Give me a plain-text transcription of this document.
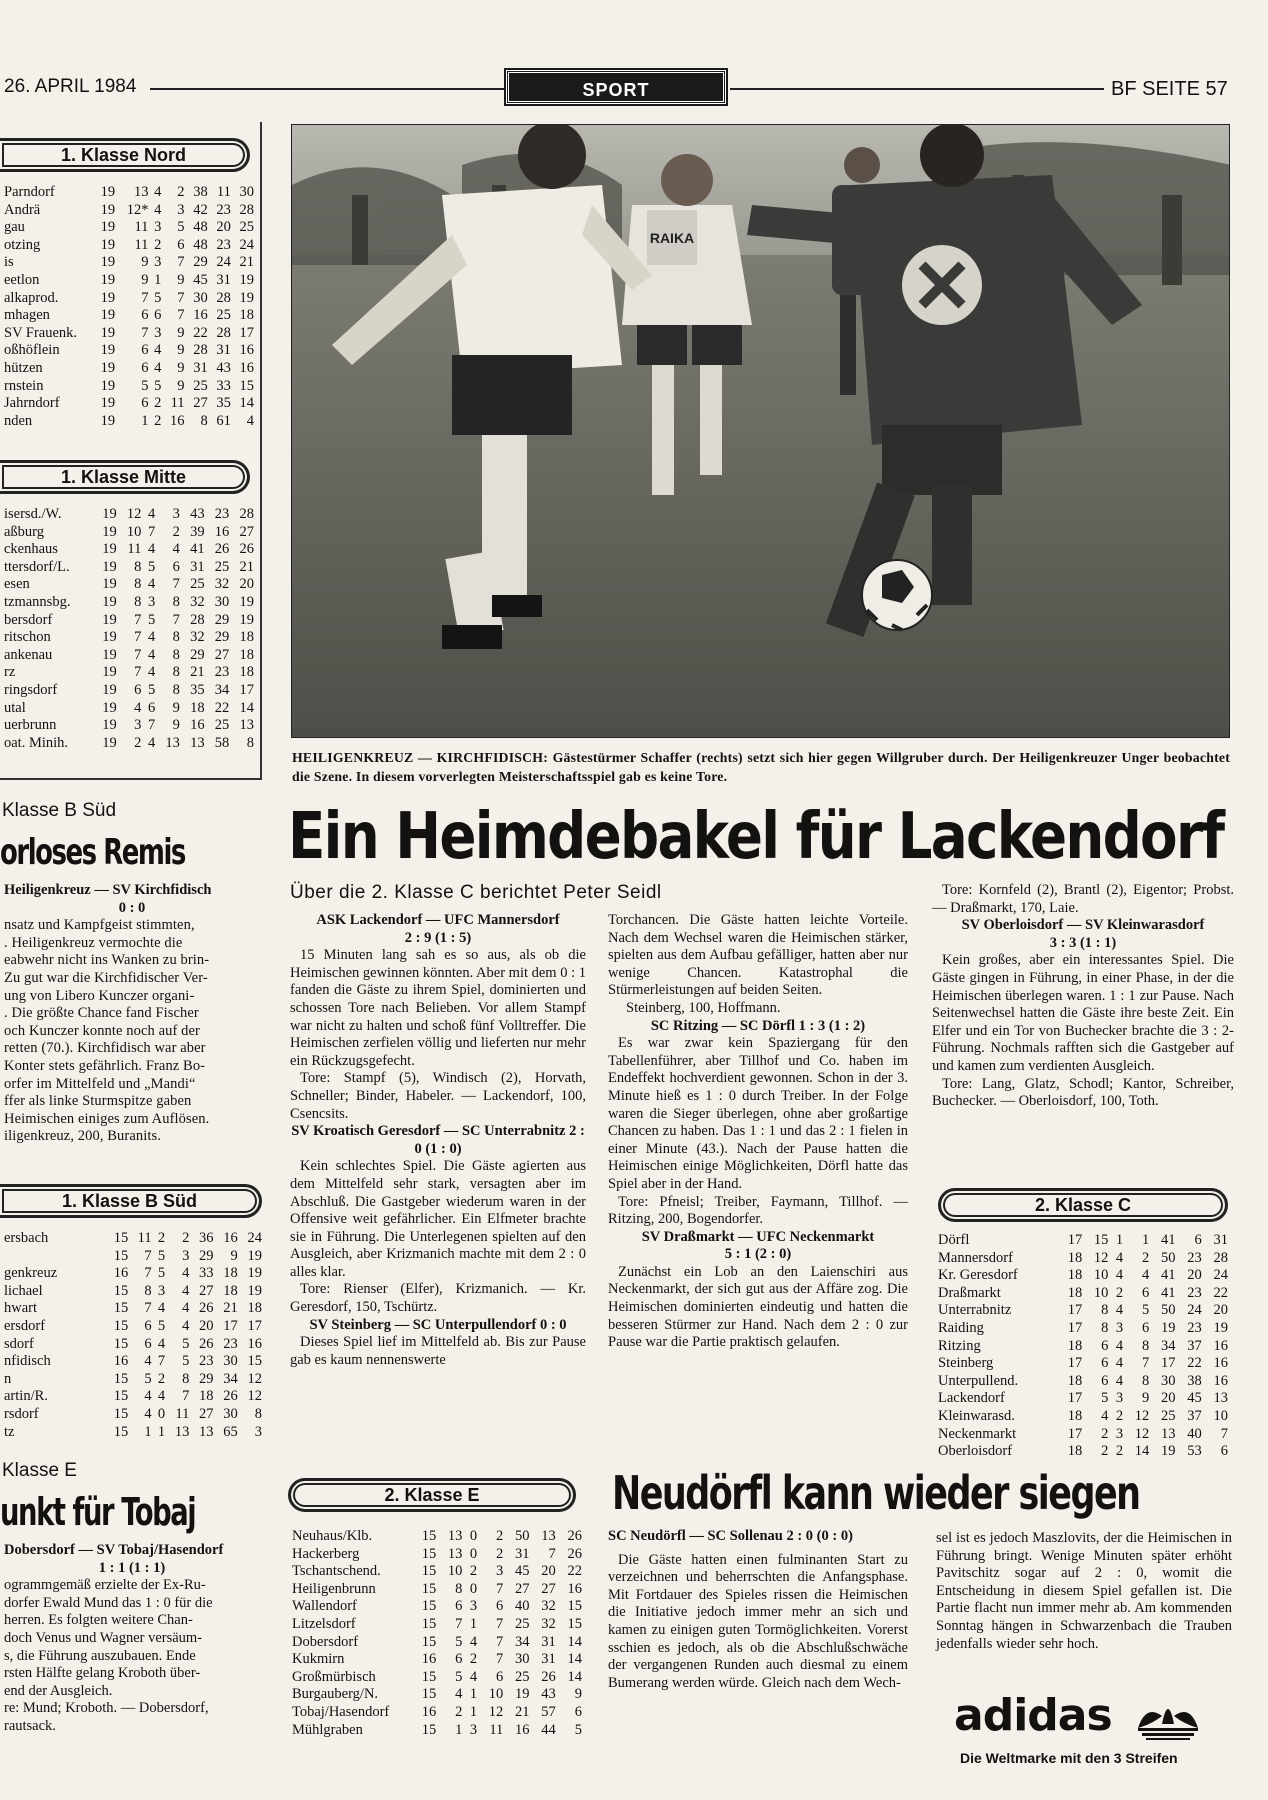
26. APRIL 1984	SPORT	BF SEITE 57
1. Klasse Nord
Parndorf	19	13	4	2	38	11	30
Andrä	19	12*	4	3	42	23	28
gau	19	11	3	5	48	20	25
otzing	19	11	2	6	48	23	24
is	19	9	3	7	29	24	21
eetlon	19	9	1	9	45	31	19
alkaprod.	19	7	5	7	30	28	19
mhagen	19	6	6	7	16	25	18
SV Frauenk.	19	7	3	9	22	28	17
oßhöflein	19	6	4	9	28	31	16
hützen	19	6	4	9	31	43	16
rnstein	19	5	5	9	25	33	15
Jahrndorf	19	6	2	11	27	35	14
nden	19	1	2	16	8	61	4
1. Klasse Mitte
isersd./W.	19	12	4	3	43	23	28
aßburg	19	10	7	2	39	16	27
ckenhaus	19	11	4	4	41	26	26
ttersdorf/L.	19	8	5	6	31	25	21
esen	19	8	4	7	25	32	20
tzmannsbg.	19	8	3	8	32	30	19
bersdorf	19	7	5	7	28	29	19
ritschon	19	7	4	8	32	29	18
ankenau	19	7	4	8	29	27	18
rz	19	7	4	8	21	23	18
ringsdorf	19	6	5	8	35	34	17
utal	19	4	6	9	18	22	14
uerbrunn	19	3	7	9	16	25	13
oat. Minih.	19	2	4	13	13	58	8
Klasse B Süd
orloses Remis

Heiligenkreuz — SV Kirchfidisch

0 : 0

nsatz und Kampfgeist stimmten,
. Heiligenkreuz vermochte die
eabwehr nicht ins Wanken zu brin-
Zu gut war die Kirchfidischer Ver-
ung von Libero Kunczer organi-
. Die größte Chance fand Fischer
och Kunczer konnte noch auf der
retten (70.). Kirchfidisch war aber
Konter stets gefährlich. Franz Bo-
orfer im Mittelfeld und „Mandi“
ffer als linke Sturmspitze gaben
Heimischen einiges zum Auflösen.
iligenkreuz, 200, Buranits.
1. Klasse B Süd
ersbach	15	11	2	2	36	16	24
	15	7	5	3	29	9	19
genkreuz	16	7	5	4	33	18	19
lichael	15	8	3	4	27	18	19
hwart	15	7	4	4	26	21	18
ersdorf	15	6	5	4	20	17	17
sdorf	15	6	4	5	26	23	16
nfidisch	16	4	7	5	23	30	15
n	15	5	2	8	29	34	12
artin/R.	15	4	4	7	18	26	12
rsdorf	15	4	0	11	27	30	8
tz	15	1	1	13	13	65	3
Klasse E
unkt für Tobaj

Dobersdorf — SV Tobaj/Hasendorf

1 : 1 (1 : 1)

ogrammgemäß erzielte der Ex-Ru-
dorfer Ewald Mund das 1 : 0 für die
herren. Es folgten weitere Chan-
doch Venus und Wagner versäum-
s, die Führung auszubauen. Ende
rsten Hälfte gelang Kroboth über-
end der Ausgleich.
re: Mund; Kroboth. — Dobersdorf,
rautsack.
RAIKA
HEILIGENKREUZ — KIRCHFIDISCH: Gästestürmer Schaffer (rechts) setzt sich hier gegen Willgruber durch. Der Heiligenkreuzer Unger beobachtet die Szene. In diesem vorverlegten Meisterschaftsspiel gab es keine Tore.
Ein Heimdebakel für Lackendorf
Über die 2. Klasse C berichtet Peter Seidl

ASK Lackendorf — UFC Mannersdorf

2 : 9 (1 : 5)

15 Minuten lang sah es so aus, als ob die Heimischen gewinnen könnten. Aber mit dem 0 : 1 fanden die Gäste zu ihrem Spiel, dominierten und schossen Tore nach Belieben. Vor allem Stampf war nicht zu halten und schoß fünf Volltreffer. Die Heimischen zerfielen völlig und lieferten nur mehr ein Rückzugsgefecht.

Tore: Stampf (5), Windisch (2), Horvath, Schneller; Binder, Habeler. — Lackendorf, 100, Csencsits.

SV Kroatisch Geresdorf — SC Unterrabnitz 2 : 0 (1 : 0)

Kein schlechtes Spiel. Die Gäste agierten aus dem Mittelfeld sehr stark, versagten aber im Abschluß. Die Gastgeber wiederum waren in der Offensive weit gefährlicher. Ein Elfmeter brachte sie in Führung. Die Unterlegenen spielten auf den Ausgleich, aber Krizmanich machte mit dem 2 : 0 alles klar.

Tore: Rienser (Elfer), Krizmanich. — Kr. Geresdorf, 150, Tschürtz.

SV Steinberg — SC Unterpullendorf 0 : 0

Dieses Spiel lief im Mittelfeld ab. Bis zur Pause gab es kaum nennenswerte

Torchancen. Die Gäste hatten leichte Vorteile. Nach dem Wechsel waren die Heimischen stärker, spielten aus dem Aufbau gefälliger, hatten aber nur wenige Chancen. Katastrophal die Stürmerleistungen auf beiden Seiten.

Steinberg, 100, Hoffmann.

SC Ritzing — SC Dörfl 1 : 3 (1 : 2)

Es war zwar kein Spaziergang für den Tabellenführer, aber Tillhof und Co. haben im Endeffekt hochverdient gewonnen. Schon in der 3. Minute hieß es 1 : 0 durch Treiber. In der Folge waren die Sieger überlegen, ohne aber großartige Chancen zu haben. Das 1 : 1 und das 2 : 1 fielen in einer Minute (43.). Nach der Pause hatten die Heimischen einige Möglichkeiten, Dörfl hatte das Spiel aber in der Hand.

Tore: Pfneisl; Treiber, Faymann, Tillhof. — Ritzing, 200, Bogendorfer.

SV Draßmarkt — UFC Neckenmarkt

5 : 1 (2 : 0)

Zunächst ein Lob an den Laienschiri aus Neckenmarkt, der sich gut aus der Affäre zog. Die Heimischen dominierten eindeutig und hatten die besseren Stürmer zur Hand. Nach dem 2 : 0 zur Pause war die Partie praktisch gelaufen.

Tore: Kornfeld (2), Brantl (2), Eigentor; Probst. — Draßmarkt, 170, Laie.

SV Oberloisdorf — SV Kleinwarasdorf

3 : 3 (1 : 1)

Kein großes, aber ein interessantes Spiel. Die Gäste gingen in Führung, in einer Phase, in der die Heimischen überlegen waren. 1 : 1 zur Pause. Nach Seitenwechsel hatten die Gäste ihre beste Zeit. Ein Elfer und ein Tor von Buchecker brachte die 3 : 2-Führung. Nochmals rafften sich die Gastgeber auf und kamen zum verdienten Ausgleich.

Tore: Lang, Glatz, Schodl; Kantor, Schreiber, Buchecker. — Oberloisdorf, 100, Toth.

2. Klasse C
Dörfl	17	15	1	1	41	6	31
Mannersdorf	18	12	4	2	50	23	28
Kr. Geresdorf	18	10	4	4	41	20	24
Draßmarkt	18	10	2	6	41	23	22
Unterrabnitz	17	8	4	5	50	24	20
Raiding	17	8	3	6	19	23	19
Ritzing	18	6	4	8	34	37	16
Steinberg	17	6	4	7	17	22	16
Unterpullend.	18	6	4	8	30	38	16
Lackendorf	17	5	3	9	20	45	13
Kleinwarasd.	18	4	2	12	25	37	10
Neckenmarkt	17	2	3	12	13	40	7
Oberloisdorf	18	2	2	14	19	53	6
2. Klasse E
Neuhaus/Klb.	15	13	0	2	50	13	26
Hackerberg	15	13	0	2	31	7	26
Tschantschend.	15	10	2	3	45	20	22
Heiligenbrunn	15	8	0	7	27	27	16
Wallendorf	15	6	3	6	40	32	15
Litzelsdorf	15	7	1	7	25	32	15
Dobersdorf	15	5	4	7	34	31	14
Kukmirn	16	6	2	7	30	31	14
Großmürbisch	15	5	4	6	25	26	14
Burgauberg/N.	15	4	1	10	19	43	9
Tobaj/Hasendorf	16	2	1	12	21	57	6
Mühlgraben	15	1	3	11	16	44	5
Neudörfl kann wieder siegen

SC Neudörfl — SC Sollenau 2 : 0 (0 : 0)

Die Gäste hatten einen fulminanten Start zu verzeichnen und beherrschten die Anfangsphase. Mit Fortdauer des Spieles rissen die Heimischen die Initiative jedoch immer mehr an sich und kamen zu einigen guten Tormöglichkeiten. Vorerst sschien es jedoch, als ob die Abschlußschwäche der vergangenen Runden auch diesmal zu einem Bumerang werden würde. Gleich nach dem Wech-

sel ist es jedoch Maszlovits, der die Heimischen in Führung bringt. Wenige Minuten später erhöht Pavitschitz sogar auf 2 : 0, womit die Entscheidung in diesem Spiel gefallen ist. Die Partie flacht nun immer mehr ab. Am kommenden Sonntag hängen in Schwarzenbach die Trauben jedenfalls wieder sehr hoch.

adidas
Die Weltmarke mit den 3 Streifen
